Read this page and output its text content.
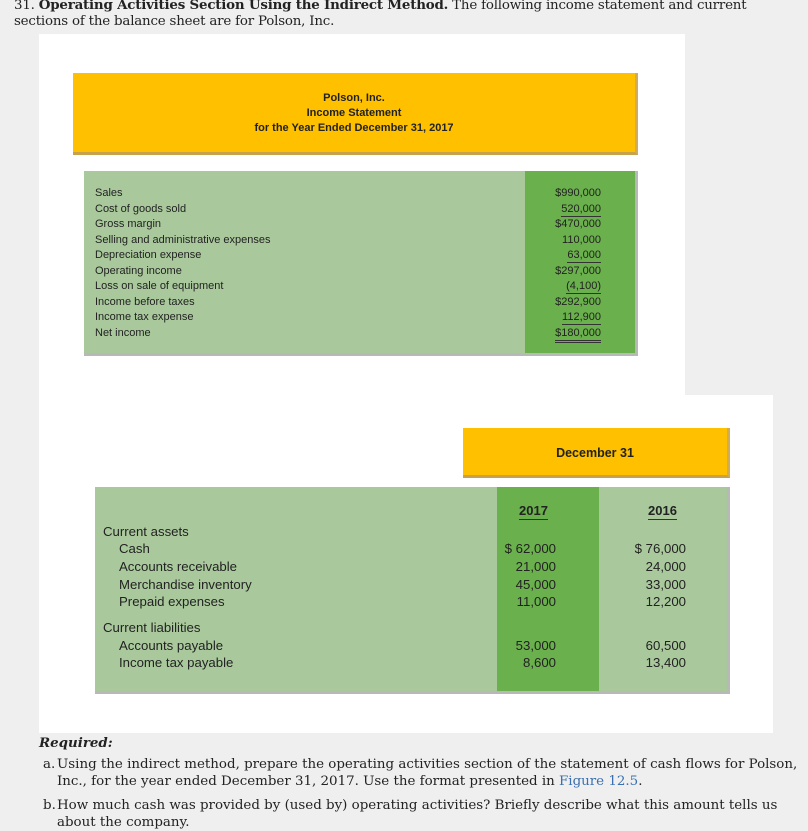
31. Operating Activities Section Using the Indirect Method. The following income statement and current sections of the balance sheet are for Polson, Inc.
Polson, Inc.
Income Statement
for the Year Ended December 31, 2017
Sales
Cost of goods sold
Gross margin
Selling and administrative expenses
Depreciation expense
Operating income
Loss on sale of equipment
Income before taxes
Income tax expense
Net income
$990,000
520,000
$470,000
110,000
63,000
$297,000
(4,100)
$292,900
112,900
$180,000
December 31
2017	2016
Current assets
Cash
Accounts receivable
Merchandise inventory
Prepaid expenses
Current liabilities
Accounts payable
Income tax payable
$ 62,000
21,000
45,000
11,000
53,000
8,600
$ 76,000
24,000
33,000
12,200
60,500
13,400
Required:
a. Using the indirect method, prepare the operating activities section of the statement of cash flows for Polson, Inc., for the year ended December 31, 2017. Use the format presented in Figure 12.5.
b. How much cash was provided by (used by) operating activities? Briefly describe what this amount tells us about the company.
